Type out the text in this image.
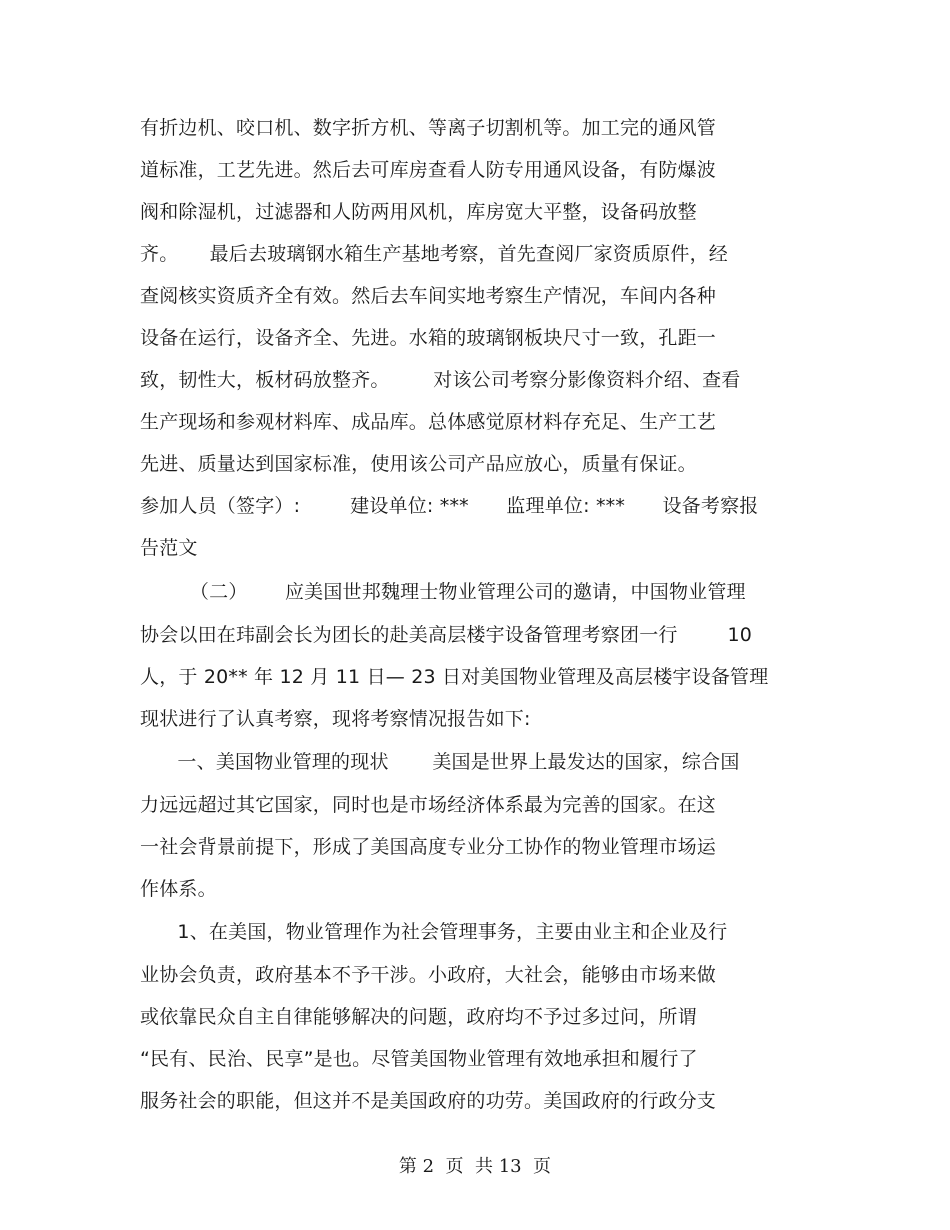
有折边机、咬口机、数字折方机、等离子切割机等。加工完的通风管
道标准，工艺先进。然后去可库房查看人防专用通风设备，有防爆波
阀和除湿机，过滤器和人防两用风机，库房宽大平整，设备码放整
齐。     最后去玻璃钢水箱生产基地考察，首先查阅厂家资质原件，经
查阅核实资质齐全有效。然后去车间实地考察生产情况，车间内各种
设备在运行，设备齐全、先进。水箱的玻璃钢板块尺寸一致，孔距一
致，韧性大，板材码放整齐。       对该公司考察分影像资料介绍、查看
生产现场和参观材料库、成品库。总体感觉原材料存充足、生产工艺
先进、质量达到国家标准，使用该公司产品应放心，质量有保证。
参加人员（签字）:        建设单位: ***      监理单位: ***      设备考察报
告范文
（二）      应美国世邦魏理士物业管理公司的邀请，中国物业管理
协会以田在玮副会长为团长的赴美高层楼宇设备管理考察团一行        10
人，于 20** 年 12 月 11 日— 23 日对美国物业管理及高层楼宇设备管理
现状进行了认真考察，现将考察情况报告如下:
一、美国物业管理的现状       美国是世界上最发达的国家，综合国
力远远超过其它国家，同时也是市场经济体系最为完善的国家。在这
一社会背景前提下，形成了美国高度专业分工协作的物业管理市场运
作体系。
1、在美国，物业管理作为社会管理事务，主要由业主和企业及行
业协会负责，政府基本不予干涉。小政府，大社会，能够由市场来做
或依靠民众自主自律能够解决的问题，政府均不予过多过问，所谓
“民有、民治、民享”是也。尽管美国物业管理有效地承担和履行了
服务社会的职能，但这并不是美国政府的功劳。美国政府的行政分支
第 2  页  共 13  页
